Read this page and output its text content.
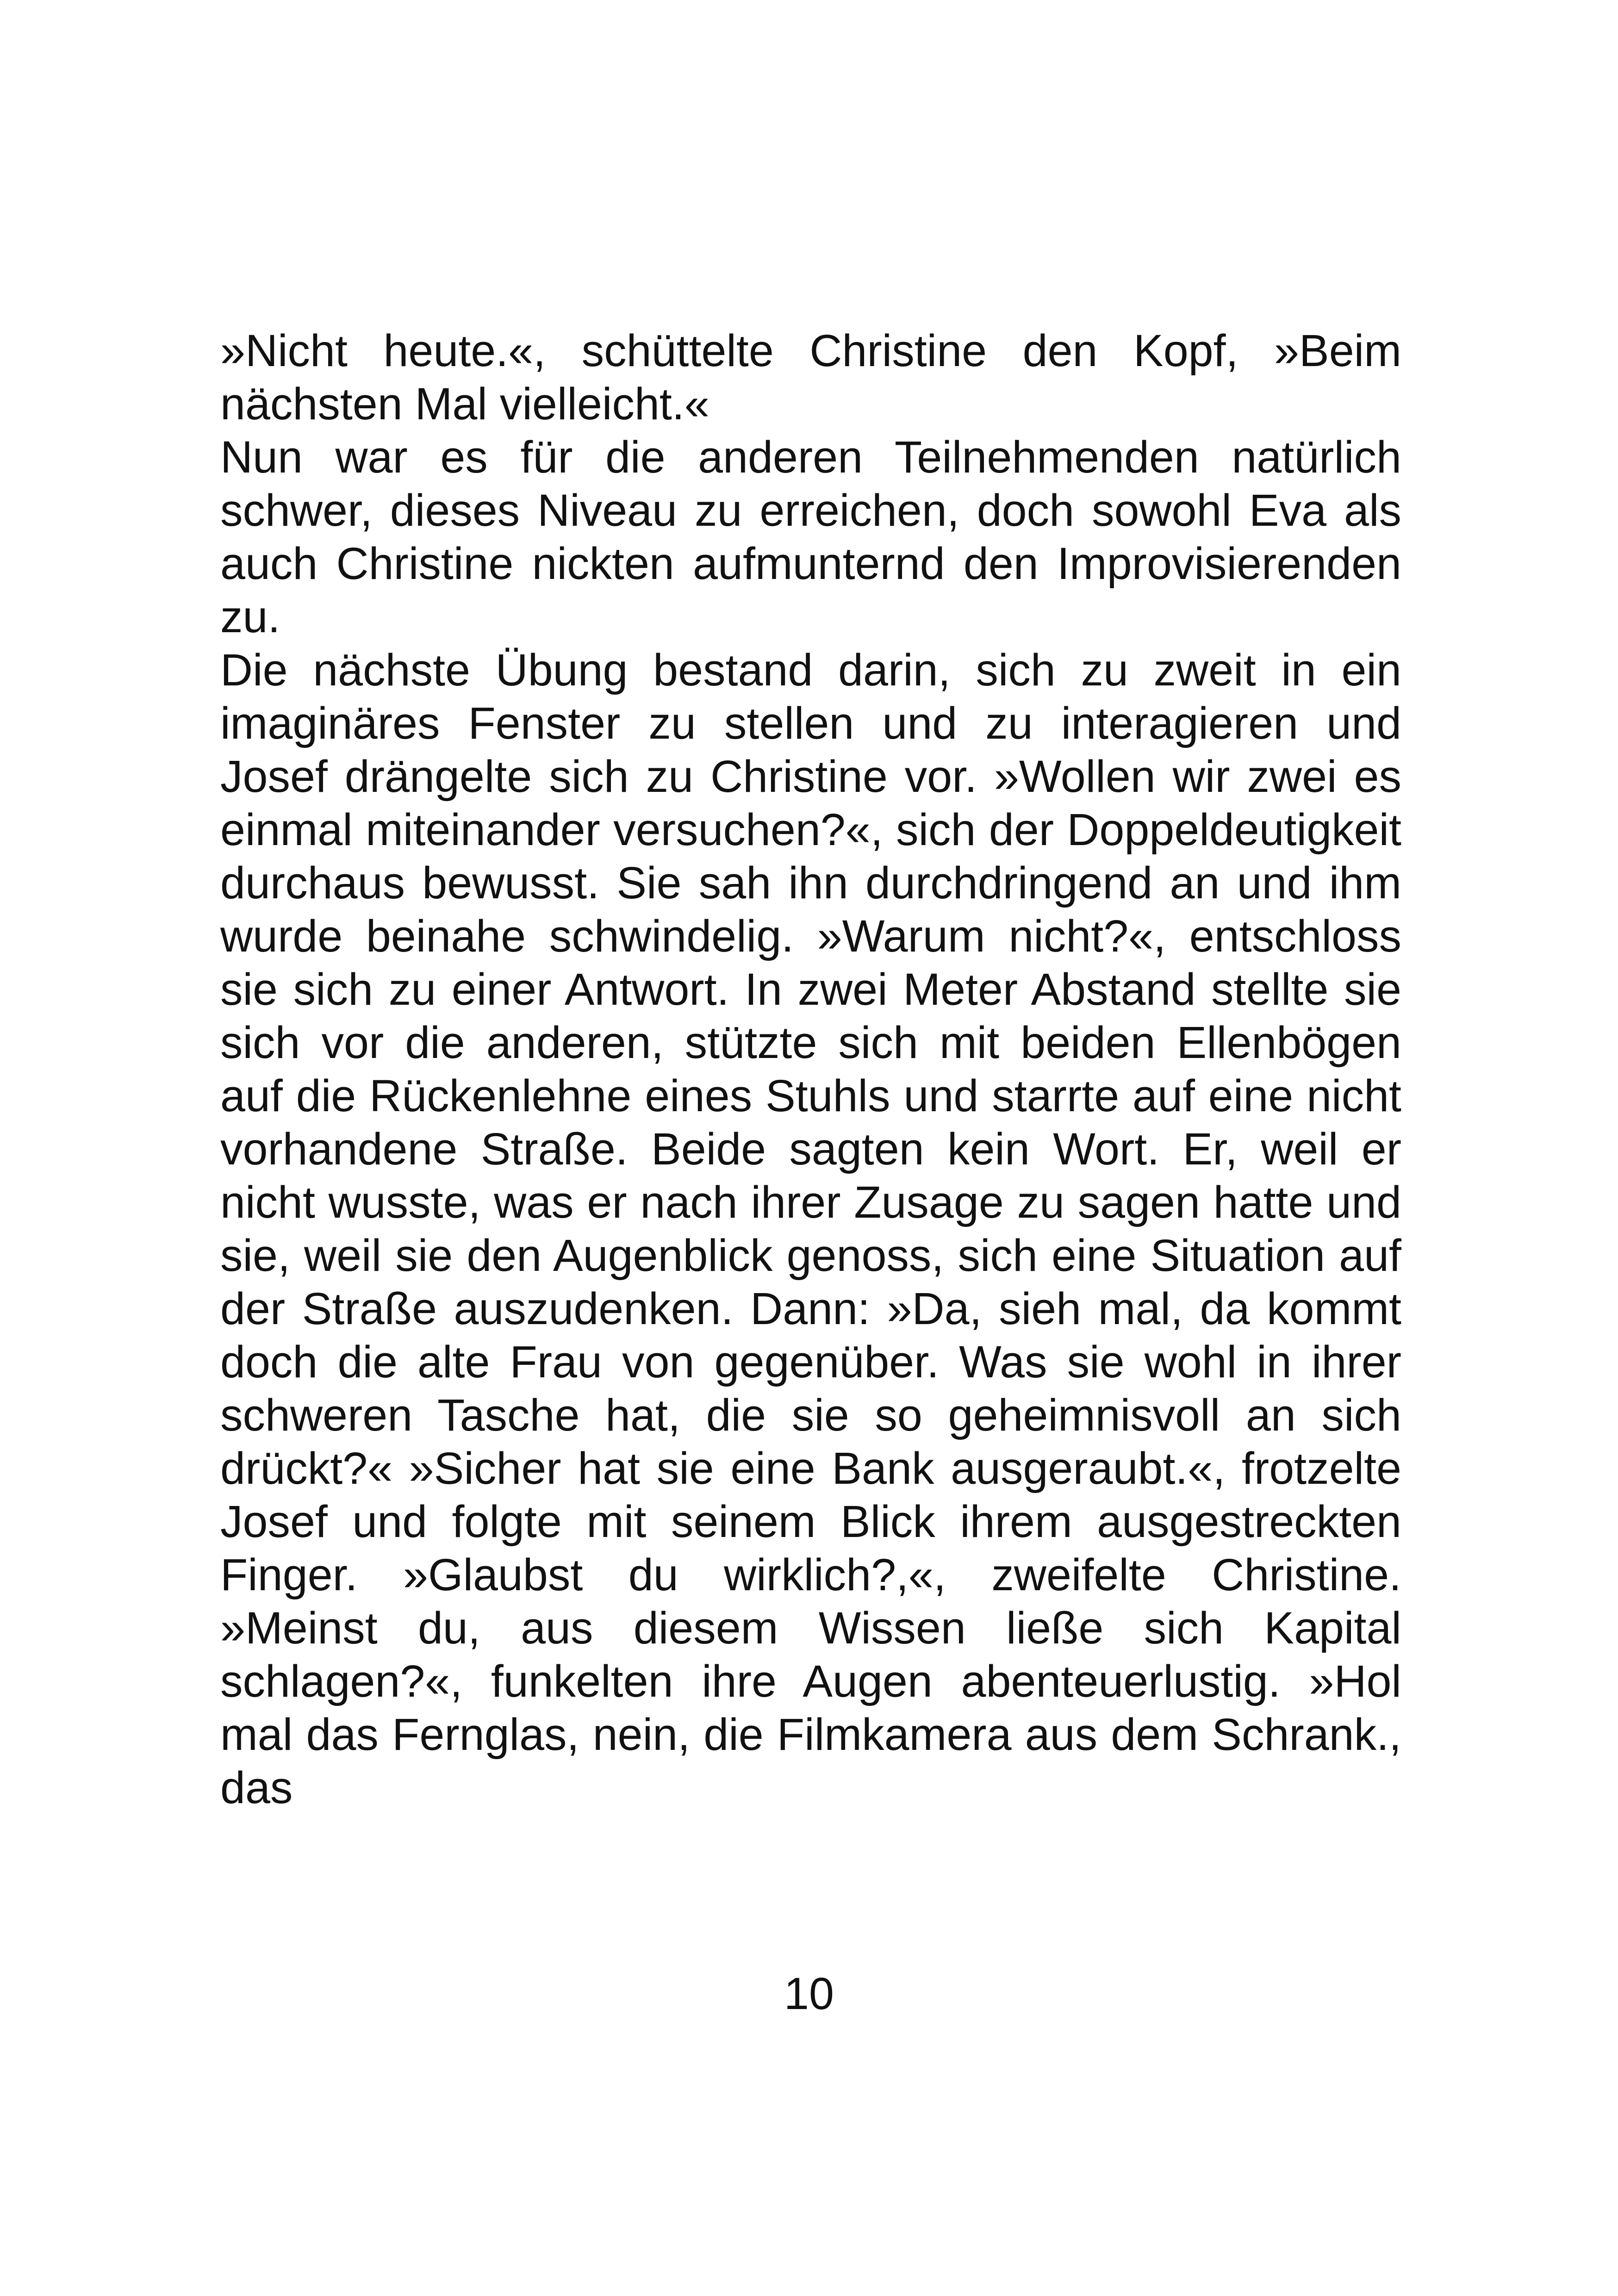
»Nicht heute.«, schüttelte Christine den Kopf, »Beim nächsten Mal vielleicht.«

Nun war es für die anderen Teilnehmenden natürlich schwer, dieses Niveau zu erreichen, doch sowohl Eva als auch Christine nickten aufmunternd den Improvisierenden zu.

Die nächste Übung bestand darin, sich zu zweit in ein imaginäres Fenster zu stellen und zu interagieren und Josef drängelte sich zu Christine vor. »Wollen wir zwei es einmal miteinander versuchen?«, sich der Doppeldeutigkeit durchaus bewusst. Sie sah ihn durchdringend an und ihm wurde beinahe schwindelig. »Warum nicht?«, entschloss sie sich zu einer Antwort. In zwei Meter Abstand stellte sie sich vor die anderen, stützte sich mit beiden Ellenbögen auf die Rückenlehne eines Stuhls und starrte auf eine nicht vorhandene Straße. Beide sagten kein Wort. Er, weil er nicht wusste, was er nach ihrer Zusage zu sagen hatte und sie, weil sie den Augenblick genoss, sich eine Situation auf der Straße auszudenken. Dann: »Da, sieh mal, da kommt doch die alte Frau von gegenüber. Was sie wohl in ihrer schweren Tasche hat, die sie so geheimnisvoll an sich drückt?« »Sicher hat sie eine Bank ausgeraubt.«, frotzelte Josef und folgte mit seinem Blick ihrem ausgestreckten Finger. »Glaubst du wirklich?,«, zweifelte Christine. »Meinst du, aus diesem Wissen ließe sich Kapital schlagen?«, funkelten ihre Augen abenteuerlustig. »Hol mal das Fernglas, nein, die Filmkamera aus dem Schrank., das

10
